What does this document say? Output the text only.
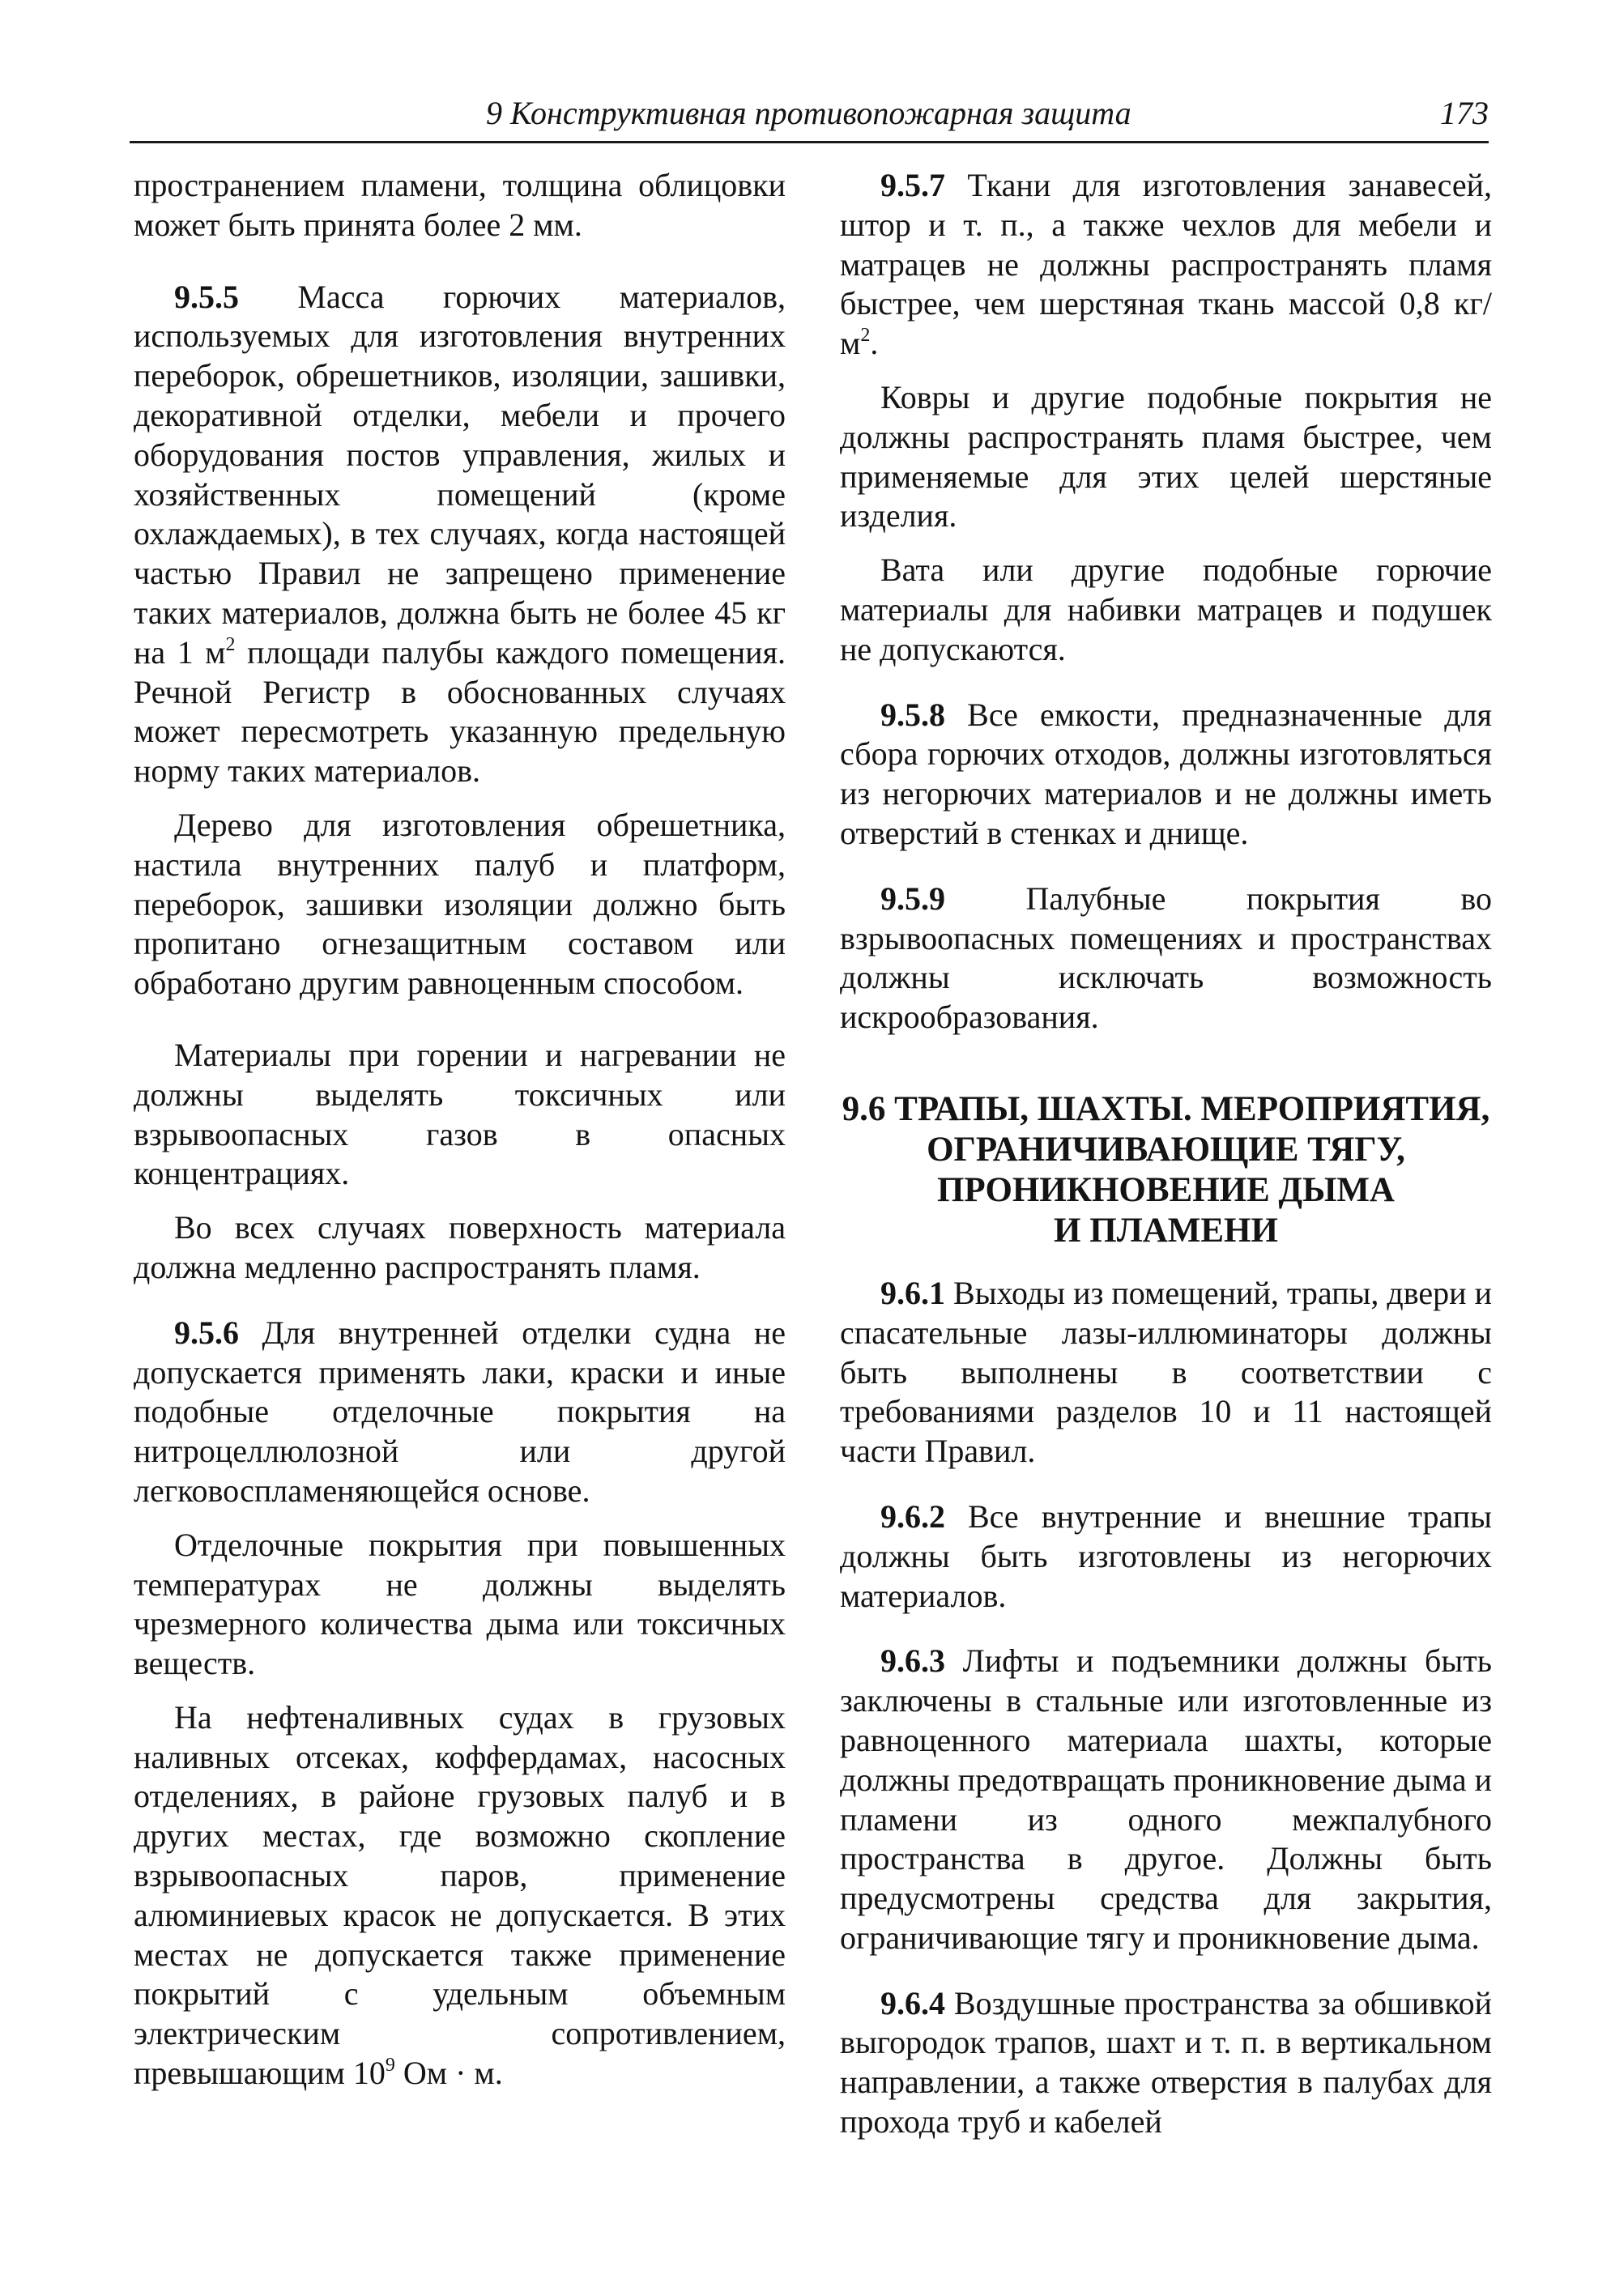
9 Конструктивная противопожарная защита	173

пространением пламени, толщина облицовки может быть принята более 2 мм.

9.5.5 Масса горючих материалов, используемых для изготовления внутренних переборок, обрешетников, изоляции, зашивки, декоративной отделки, мебели и прочего оборудования постов управления, жилых и хозяйственных помещений (кроме охлаждаемых), в тех случаях, когда настоящей частью Правил не запрещено применение таких материалов, должна быть не более 45 кг на 1 $м^2$ площади палубы каждого помещения. Речной Регистр в обоснованных случаях может пересмотреть указанную предельную норму таких материалов.

Дерево для изготовления обрешетника, настила внутренних палуб и платформ, переборок, зашивки изоляции должно быть пропитано огнезащитным составом или обработано другим равноценным способом.

Материалы при горении и нагревании не должны выделять токсичных или взрывоопасных газов в опасных концентрациях.

Во всех случаях поверхность материала должна медленно распространять пламя.

9.5.6 Для внутренней отделки судна не допускается применять лаки, краски и иные подобные отделочные покрытия на нитроцеллюлозной или другой легковоспламеняющейся основе.

Отделочные покрытия при повышенных температурах не должны выделять чрезмерного количества дыма или токсичных веществ.

На нефтеналивных судах в грузовых наливных отсеках, коффердамах, насосных отделениях, в районе грузовых палуб и в других местах, где возможно скопление взрывоопасных паров, применение алюминиевых красок не допускается. В этих местах не допускается также применение покрытий с удельным объемным электрическим сопротивлением, превышающим $10^9$ Ом · м.

9.5.7 Ткани для изготовления занавесей, штор и т. п., а также чехлов для мебели и матрацев не должны распространять пламя быстрее, чем шерстяная ткань массой 0,8 $кг/м^2$.

Ковры и другие подобные покрытия не должны распространять пламя быстрее, чем применяемые для этих целей шерстяные изделия.

Вата или другие подобные горючие материалы для набивки матрацев и подушек не допускаются.

9.5.8 Все емкости, предназначенные для сбора горючих отходов, должны изготовляться из негорючих материалов и не должны иметь отверстий в стенках и днище.

9.5.9 Палубные покрытия во взрывоопасных помещениях и пространствах должны исключать возможность искрообразования.

9.6 ТРАПЫ, ШАХТЫ. МЕРОПРИЯТИЯ,
ОГРАНИЧИВАЮЩИЕ ТЯГУ,
ПРОНИКНОВЕНИЕ ДЫМА
И ПЛАМЕНИ

9.6.1 Выходы из помещений, трапы, двери и спасательные лазы-иллюминаторы должны быть выполнены в соответствии с требованиями разделов 10 и 11 настоящей части Правил.

9.6.2 Все внутренние и внешние трапы должны быть изготовлены из негорючих материалов.

9.6.3 Лифты и подъемники должны быть заключены в стальные или изготовленные из равноценного материала шахты, которые должны предотвращать проникновение дыма и пламени из одного межпалубного пространства в другое. Должны быть предусмотрены средства для закрытия, ограничивающие тягу и проникновение дыма.

9.6.4 Воздушные пространства за обшивкой выгородок трапов, шахт и т. п. в вертикальном направлении, а также отверстия в палубах для прохода труб и кабелей
